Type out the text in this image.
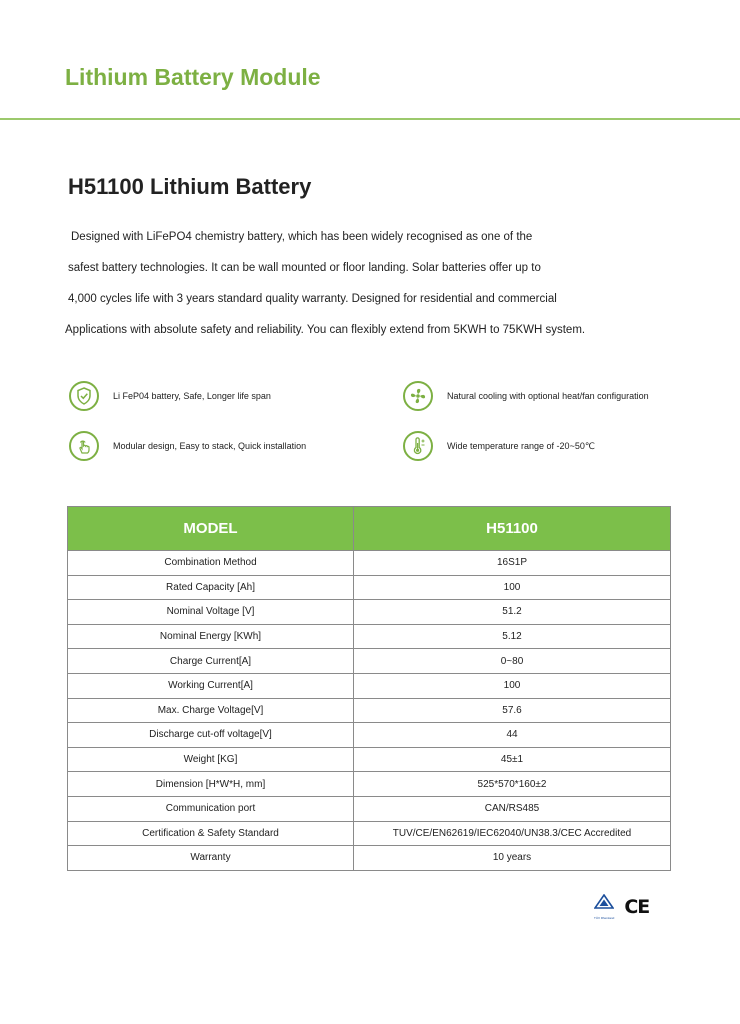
Lithium Battery Module
H51100 Lithium Battery
Designed with LiFePO4 chemistry battery, which has been widely recognised as one of the
safest battery technologies. It can be wall mounted or floor landing. Solar batteries offer up to
4,000 cycles life with 3 years standard quality warranty. Designed for residential and commercial
Applications with absolute safety and reliability. You can flexibly extend from 5KWH to 75KWH system.
Li FeP04 battery, Safe, Longer life span	Natural cooling with optional heat/fan configuration
Modular design, Easy to stack, Quick installation	Wide temperature range of -20~50℃
MODEL	H51100
Combination Method	16S1P
Rated Capacity [Ah]	100
Nominal Voltage [V]	51.2
Nominal Energy [KWh]	5.12
Charge Current[A]	0~80
Working Current[A]	100
Max. Charge Voltage[V]	57.6
Discharge cut-off voltage[V]	44
Weight [KG]	45±1
Dimension [H*W*H, mm]	525*570*160±2
Communication port	CAN/RS485
Certification & Safety Standard	TUV/CE/EN62619/IEC62040/UN38.3/CEC Accredited
Warranty	10 years
TÜV Rheinland CE
